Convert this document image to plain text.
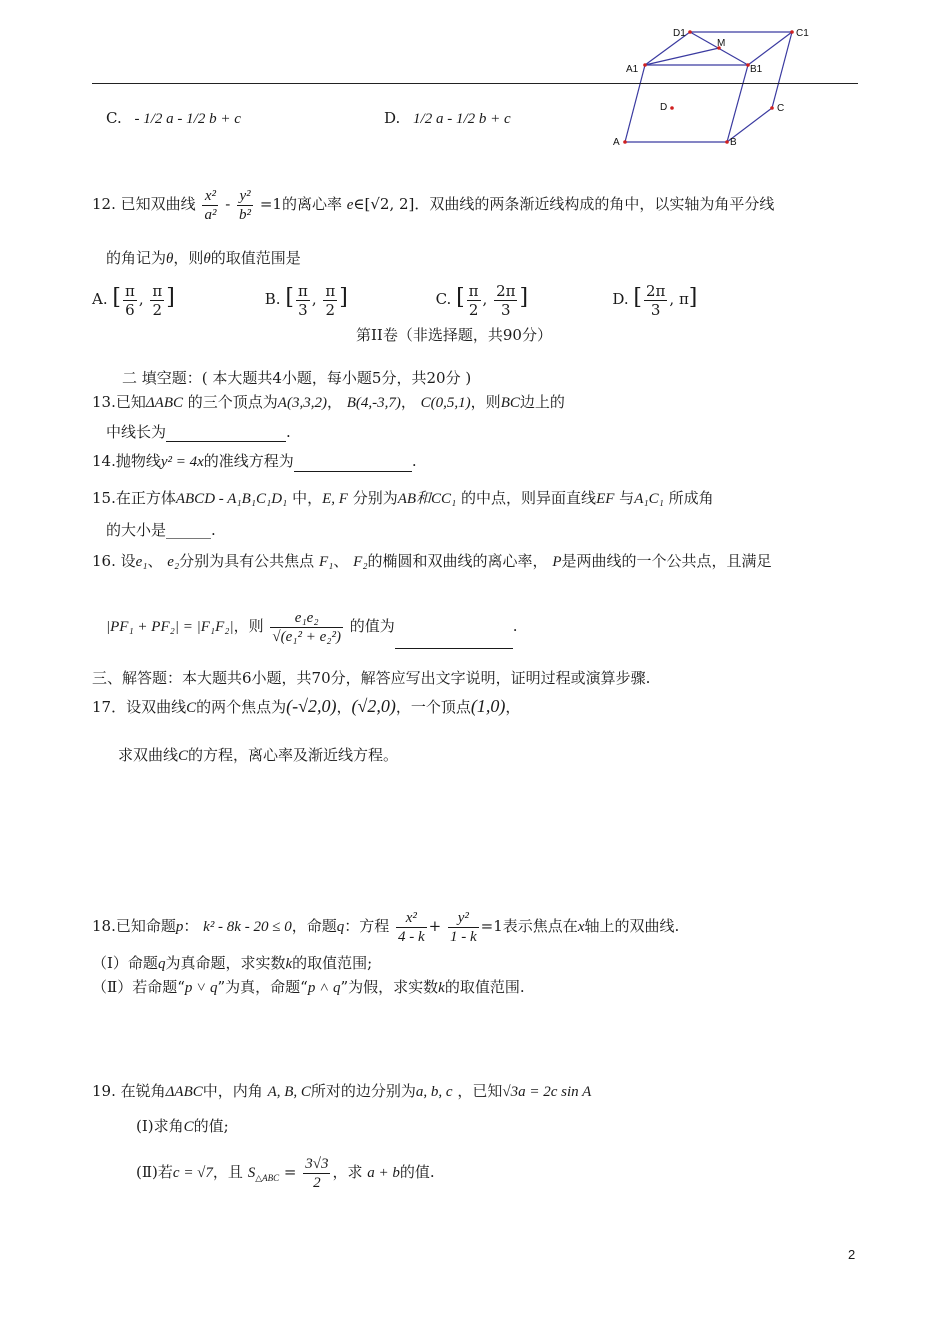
D1
M
C1
A1	B1
D	C
A	B
C. - 1/2 a - 1/2 b + c	D. 1/2 a - 1/2 b + c
12. 已知双曲线 $\frac{\text{x²}}{\text{a²}} - \frac{\text{y²}}{\text{b²}} =1$的离心率 e∈[√2, 2]．双曲线的两条渐近线构成的角中，以实轴为角平分线
的角记为θ，则θ的取值范围是
A. [ $\frac{\pi}{6}$ , $\frac{\pi}{2}$ ]	B. [ $\frac{\pi}{3}$ , $\frac{\pi}{2}$ ]	C. [ $\frac{\pi}{2}$ , $\frac{2\pi}{3}$ ]	D. [ $\frac{2\pi}{3}$ , π]
第II卷（非选择题，共90分）
二 填空题：( 本大题共4小题，每小题5分，共20分 )
13.已知ΔABC 的三个顶点为A(3,3,2)， B(4,-3,7)， C(0,5,1)，则BC边上的
中线长为	.
14.抛物线y² = 4x的准线方程为	.
15.在正方体ABCD - A₁B₁C₁D₁ 中，E, F 分别为AB和CC₁ 的中点，则异面直线EF 与A₁C₁ 所成角
的大小是______.
16. 设e₁、 e₂分别为具有公共焦点 F₁、 F₂的椭圆和双曲线的离心率， P是两曲线的一个公共点，且满足
|PF₁ + PF₂| = |F₁F₂|，则 $\frac{\text{e₁e₂}}{\text{√(e₁² + e₂²)}}$ 的值为	.
三、解答题：本大题共6小题，共70分，解答应写出文字说明，证明过程或演算步骤.
17．设双曲线C的两个焦点为(-√2,0)，(√2,0)，一个顶点(1,0)，
求双曲线C的方程，离心率及渐近线方程。
18.已知命题p： k² - 8k - 20 ≤ 0，命题q：方程 $\frac{\text{x²}}{4 - k} + \frac{\text{y²}}{1 - k} =1$表示焦点在x轴上的双曲线.
（Ⅰ）命题q为真命题，求实数k的取值范围;
（Ⅱ）若命题“p ˅ q”为真，命题“p ˄ q”为假，求实数k的取值范围.
19. 在锐角ΔABC中，内角 A, B, C所对的边分别为a, b, c ，已知√3a = 2c sin A
(Ⅰ)求角C的值;
(Ⅱ)若c = √7，且 $S_{\triangle ABC} = \frac{3√3}{2}$ ，求 a + b的值.
2
